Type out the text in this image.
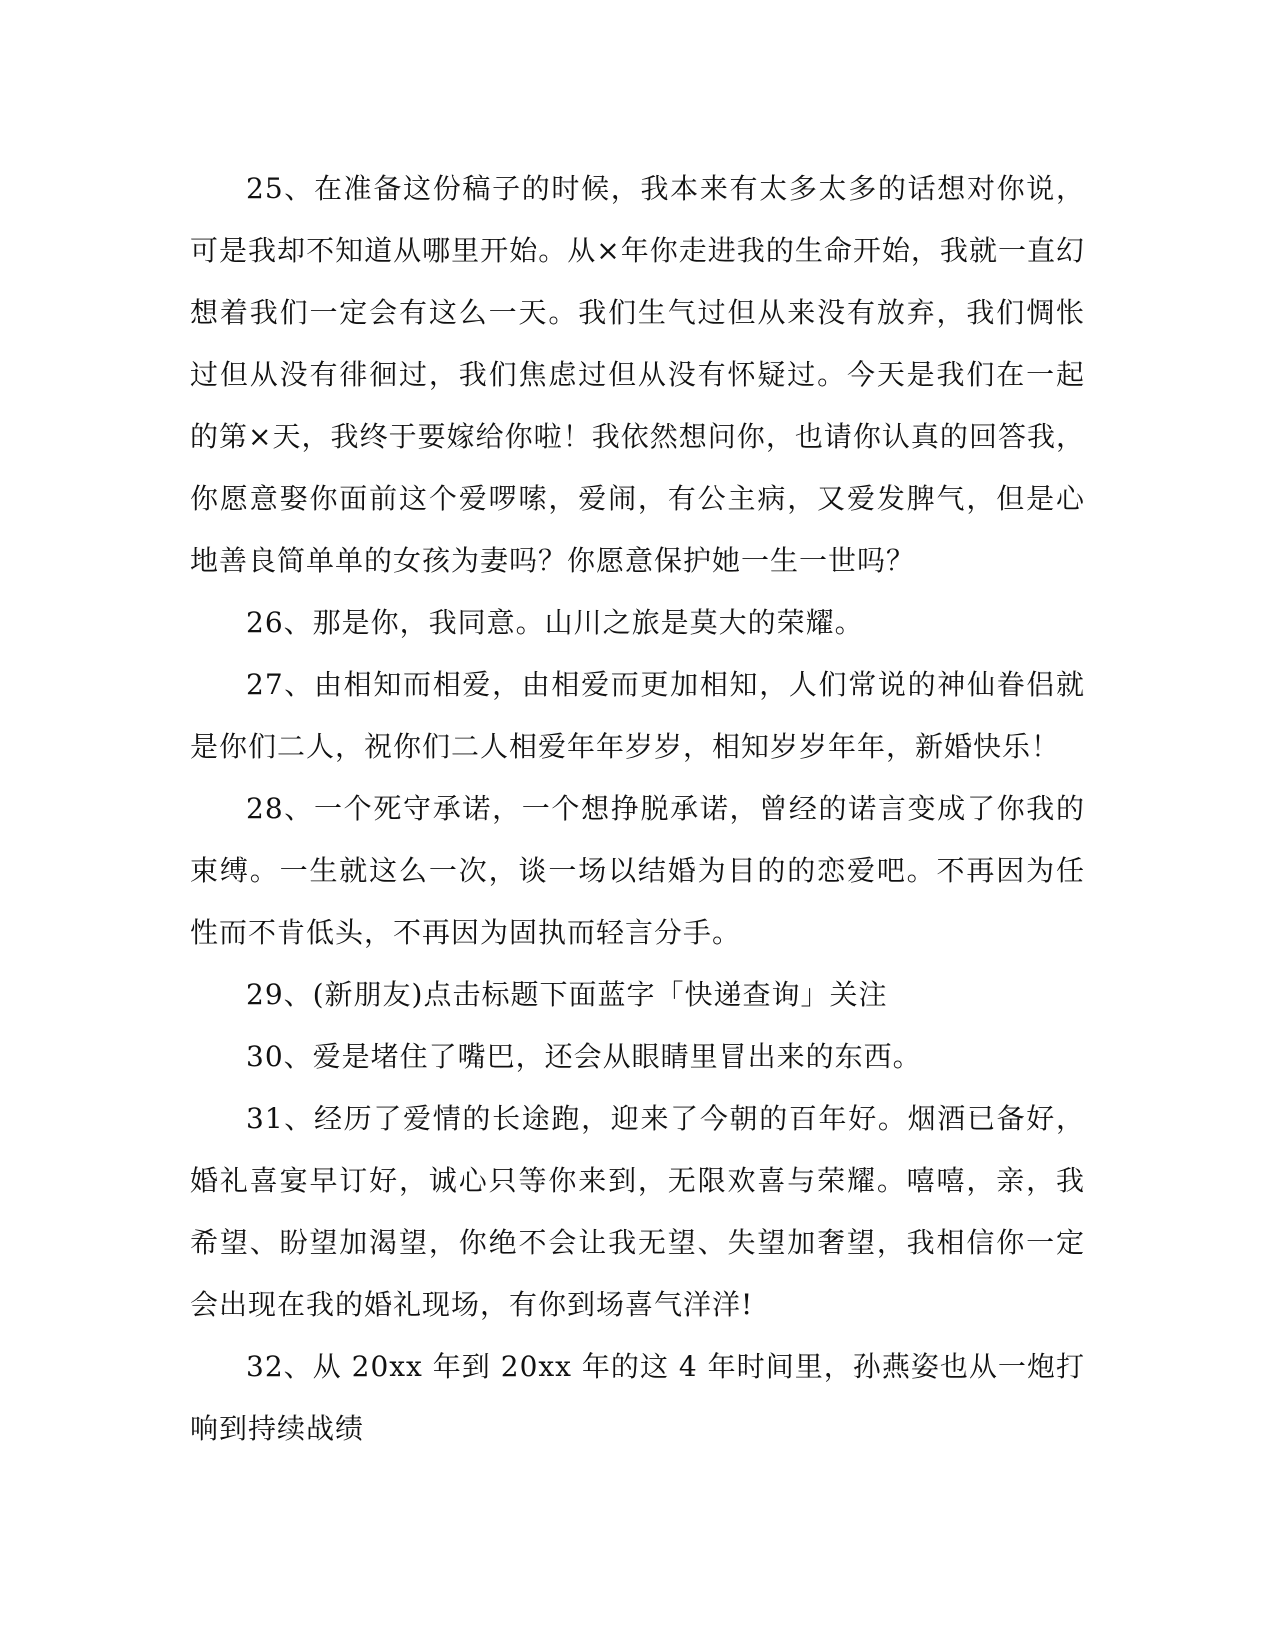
25、在准备这份稿子的时候，我本来有太多太多的话想对你说，可是我却不知道从哪里开始。从×年你走进我的生命开始，我就一直幻想着我们一定会有这么一天。我们生气过但从来没有放弃，我们惆怅过但从没有徘徊过，我们焦虑过但从没有怀疑过。今天是我们在一起的第×天，我终于要嫁给你啦！我依然想问你，也请你认真的回答我，你愿意娶你面前这个爱啰嗦，爱闹，有公主病，又爱发脾气，但是心地善良简单单的女孩为妻吗？你愿意保护她一生一世吗？

26、那是你，我同意。山川之旅是莫大的荣耀。

27、由相知而相爱，由相爱而更加相知，人们常说的神仙眷侣就是你们二人，祝你们二人相爱年年岁岁，相知岁岁年年，新婚快乐！

28、一个死守承诺，一个想挣脱承诺，曾经的诺言变成了你我的束缚。一生就这么一次，谈一场以结婚为目的的恋爱吧。不再因为任性而不肯低头，不再因为固执而轻言分手。

29、(新朋友)点击标题下面蓝字「快递查询」关注

30、爱是堵住了嘴巴，还会从眼睛里冒出来的东西。

31、经历了爱情的长途跑，迎来了今朝的百年好。烟酒已备好，婚礼喜宴早订好，诚心只等你来到，无限欢喜与荣耀。嘻嘻，亲，我希望、盼望加渴望，你绝不会让我无望、失望加奢望，我相信你一定会出现在我的婚礼现场，有你到场喜气洋洋!

32、从 20xx 年到 20xx 年的这 4 年时间里，孙燕姿也从一炮打响到持续战绩
